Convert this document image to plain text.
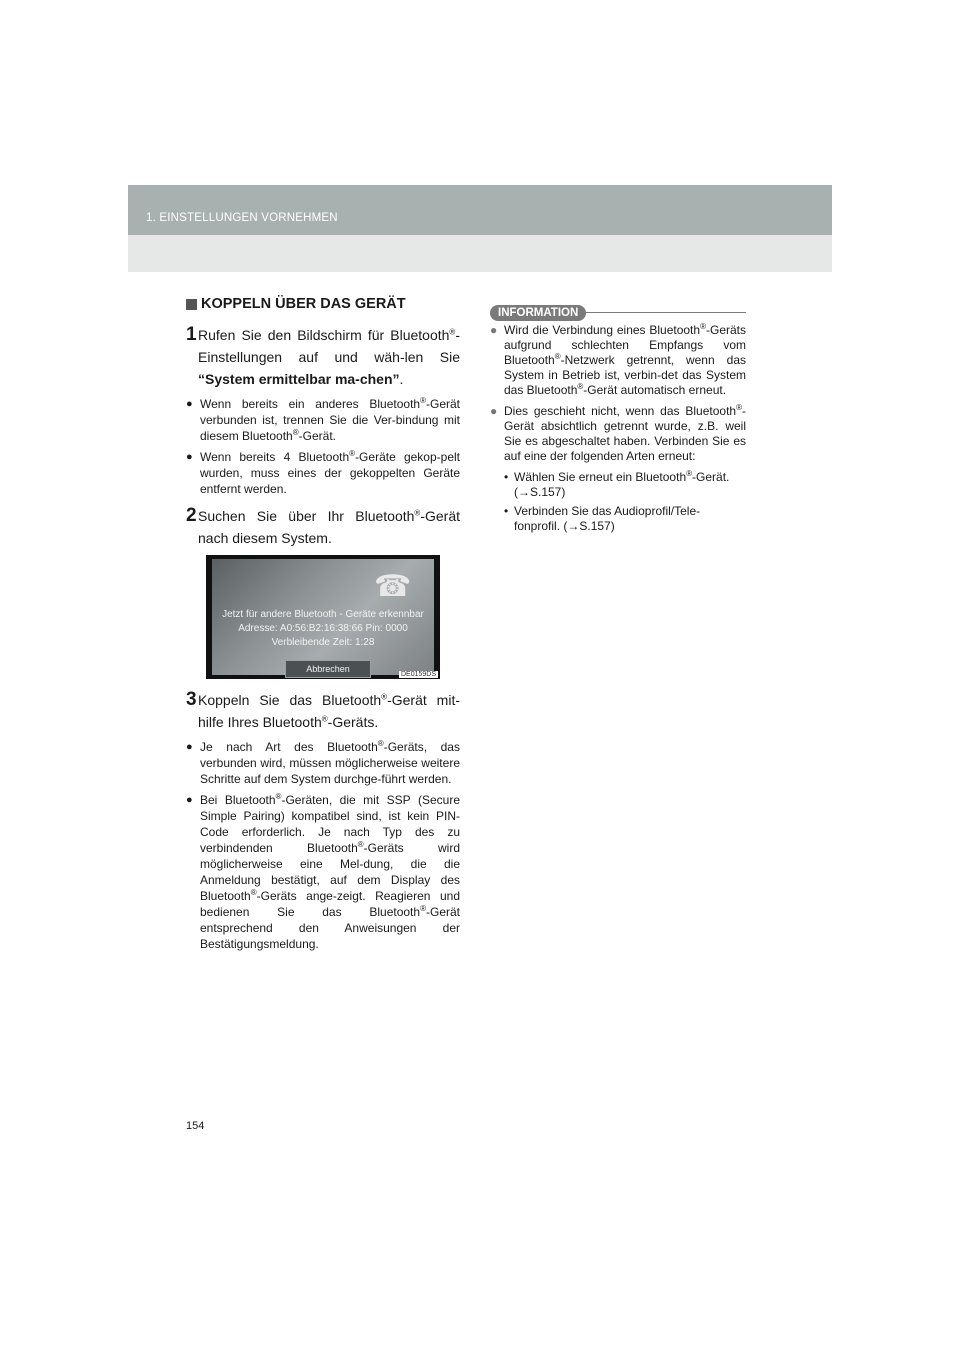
1. EINSTELLUNGEN VORNEHMEN
KOPPELN ÜBER DAS GERÄT
1 Rufen Sie den Bildschirm für Bluetooth®-Einstellungen auf und wäh-len Sie “System ermittelbar ma-chen”.
● Wenn bereits ein anderes Bluetooth®-Gerät verbunden ist, trennen Sie die Ver-bindung mit diesem Bluetooth®-Gerät.
● Wenn bereits 4 Bluetooth®-Geräte gekop-pelt wurden, muss eines der gekoppelten Geräte entfernt werden.
2 Suchen Sie über Ihr Bluetooth®-Gerät nach diesem System.
☎
Jetzt für andere Bluetooth - Geräte erkennbar
Adresse: A0:56:B2:16:38:66 Pin: 0000
Verbleibende Zeit: 1:28
Abbrechen
DE0159DS
3 Koppeln Sie das Bluetooth®-Gerät mit-hilfe Ihres Bluetooth®-Geräts.
● Je nach Art des Bluetooth®-Geräts, das verbunden wird, müssen möglicherweise weitere Schritte auf dem System durchge-führt werden.
● Bei Bluetooth®-Geräten, die mit SSP (Secure Simple Pairing) kompatibel sind, ist kein PIN-Code erforderlich. Je nach Typ des zu verbindenden Bluetooth®-Geräts wird möglicherweise eine Mel-dung, die die Anmeldung bestätigt, auf dem Display des Bluetooth®-Geräts ange-zeigt. Reagieren und bedienen Sie das Bluetooth®-Gerät entsprechend den Anweisungen der Bestätigungsmeldung.
INFORMATION
● Wird die Verbindung eines Bluetooth®-Geräts aufgrund schlechten Empfangs vom Bluetooth®-Netzwerk getrennt, wenn das System in Betrieb ist, verbin-det das System das Bluetooth®-Gerät automatisch erneut.
● Dies geschieht nicht, wenn das Bluetooth®-Gerät absichtlich getrennt wurde, z.B. weil Sie es abgeschaltet haben. Verbinden Sie es auf eine der folgenden Arten erneut:
• Wählen Sie erneut ein Bluetooth®-Gerät. (→S.157)
• Verbinden Sie das Audioprofil/Tele-fonprofil. (→S.157)
154
